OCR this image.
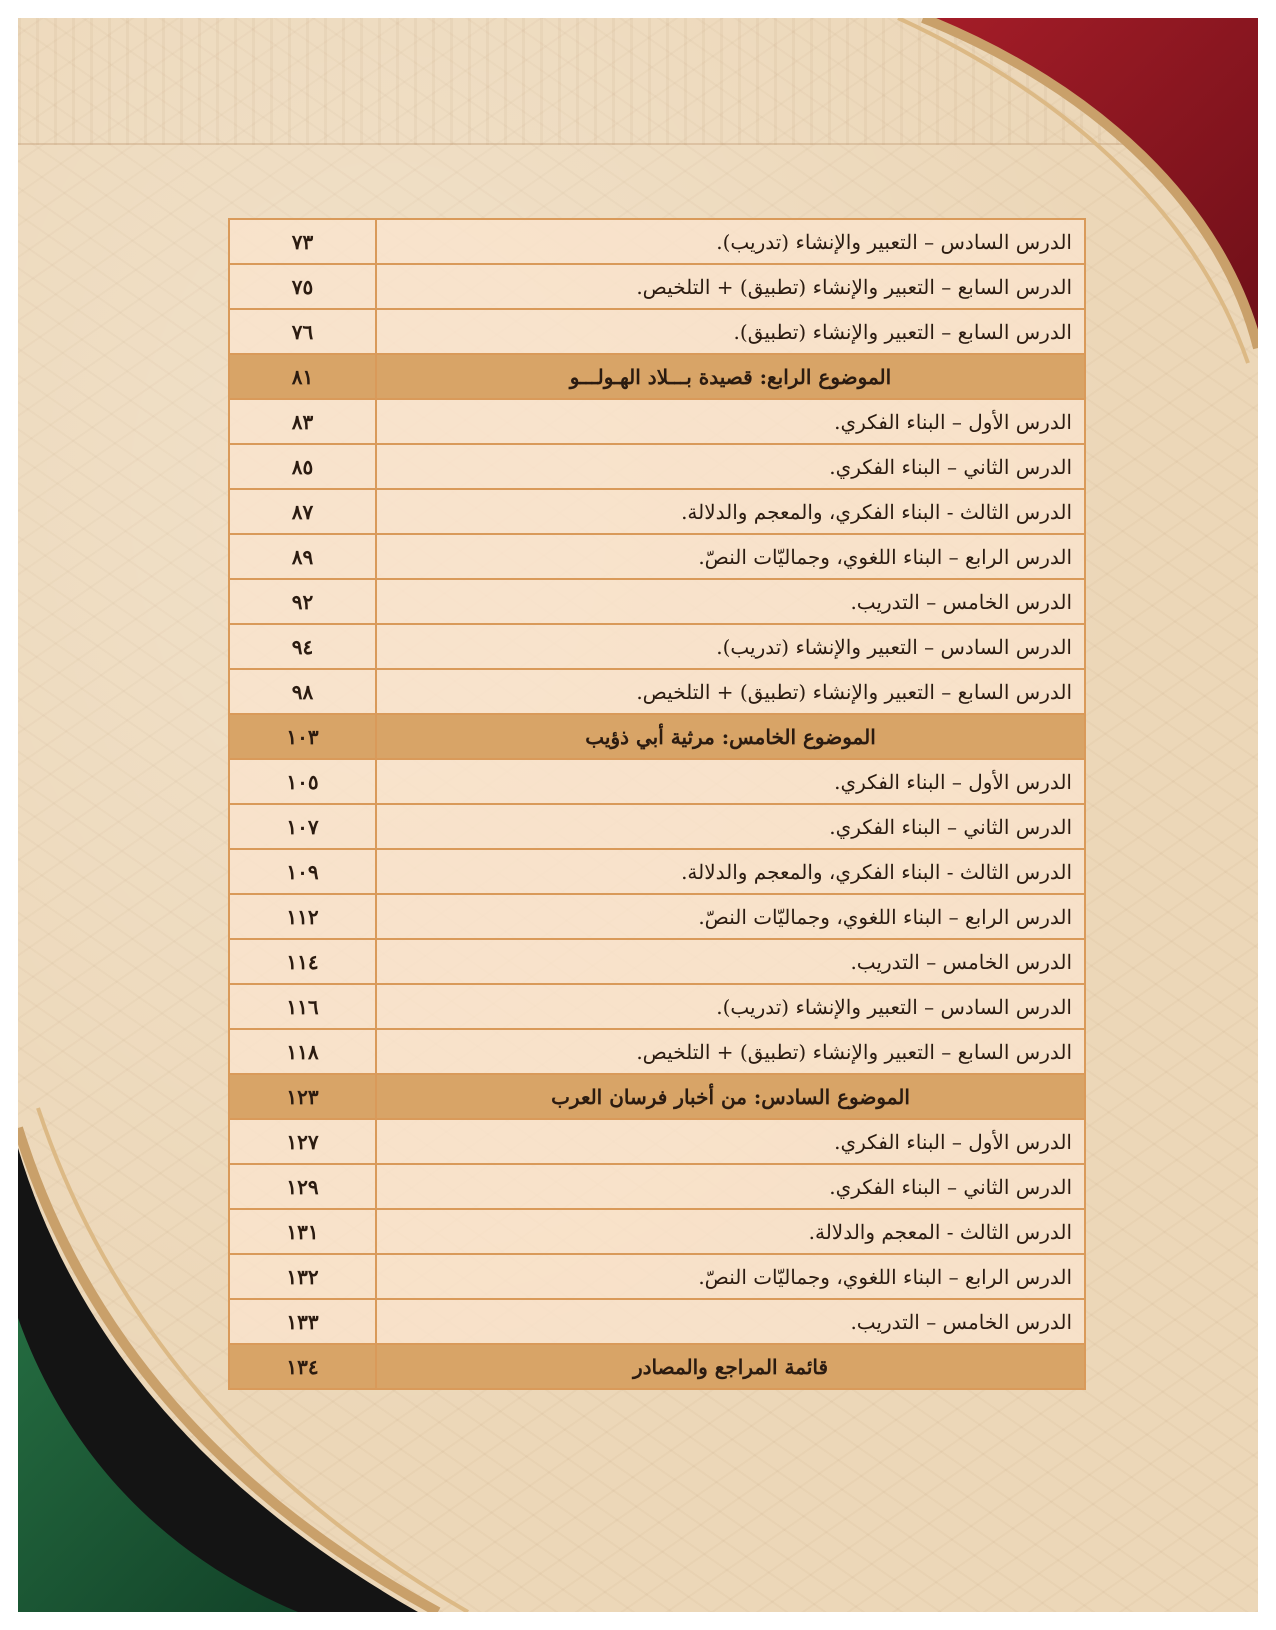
الدرس السادس – التعبير والإنشاء (تدريب).	٧٣
الدرس السابع – التعبير والإنشاء (تطبيق) + التلخيص.	٧٥
الدرس السابع – التعبير والإنشاء (تطبيق).	٧٦
الموضوع الرابع: قصيدة بـــلاد الهـولـــو	٨١
الدرس الأول – البناء الفكري.	٨٣
الدرس الثاني – البناء الفكري.	٨٥
الدرس الثالث - البناء الفكري، والمعجم والدلالة.	٨٧
الدرس الرابع – البناء اللغوي، وجماليّات النصّ.	٨٩
الدرس الخامس – التدريب.	٩٢
الدرس السادس – التعبير والإنشاء (تدريب).	٩٤
الدرس السابع – التعبير والإنشاء (تطبيق) + التلخيص.	٩٨
الموضوع الخامس: مرثية أبي ذؤيب	١٠٣
الدرس الأول – البناء الفكري.	١٠٥
الدرس الثاني – البناء الفكري.	١٠٧
الدرس الثالث - البناء الفكري، والمعجم والدلالة.	١٠٩
الدرس الرابع – البناء اللغوي، وجماليّات النصّ.	١١٢
الدرس الخامس – التدريب.	١١٤
الدرس السادس – التعبير والإنشاء (تدريب).	١١٦
الدرس السابع – التعبير والإنشاء (تطبيق) + التلخيص.	١١٨
الموضوع السادس: من أخبار فرسان العرب	١٢٣
الدرس الأول – البناء الفكري.	١٢٧
الدرس الثاني – البناء الفكري.	١٢٩
الدرس الثالث - المعجم والدلالة.	١٣١
الدرس الرابع – البناء اللغوي، وجماليّات النصّ.	١٣٢
الدرس الخامس – التدريب.	١٣٣
قائمة المراجع والمصادر	١٣٤
